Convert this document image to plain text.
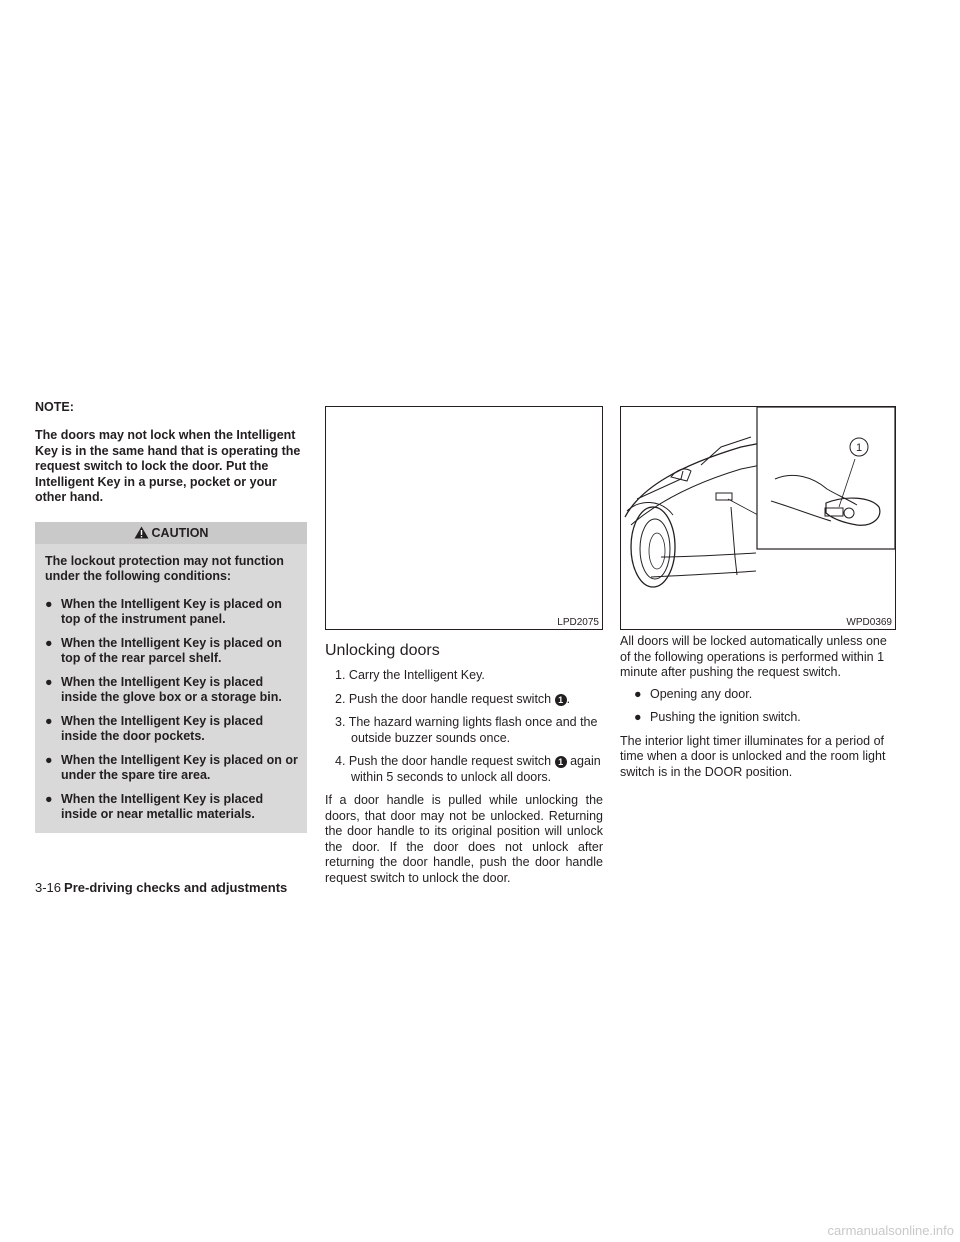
NOTE:

The doors may not lock when the Intelligent Key is in the same hand that is operating the request switch to lock the door. Put the Intelligent Key in a purse, pocket or your other hand.

CAUTION

The lockout protection may not function under the following conditions:

● When the Intelligent Key is placed on top of the instrument panel.
● When the Intelligent Key is placed on top of the rear parcel shelf.
● When the Intelligent Key is placed inside the glove box or a storage bin.
● When the Intelligent Key is placed inside the door pockets.
● When the Intelligent Key is placed on or under the spare tire area.
● When the Intelligent Key is placed inside or near metallic materials.
LPD2075
Unlocking doors
1. Carry the Intelligent Key.
2. Push the door handle request switch 1 .
3. The hazard warning lights flash once and the outside buzzer sounds once.
4. Push the door handle request switch 1 again within 5 seconds to unlock all doors.

If a door handle is pulled while unlocking the doors, that door may not be unlocked. Returning the door handle to its original position will unlock the door. If the door does not unlock after returning the door handle, push the door handle request switch to unlock the door.

1
WPD0369

All doors will be locked automatically unless one of the following operations is performed within 1 minute after pushing the request switch.

● Opening any door.
● Pushing the ignition switch.

The interior light timer illuminates for a period of time when a door is unlocked and the room light switch is in the DOOR position.

3-16 Pre-driving checks and adjustments
carmanualsonline.info
